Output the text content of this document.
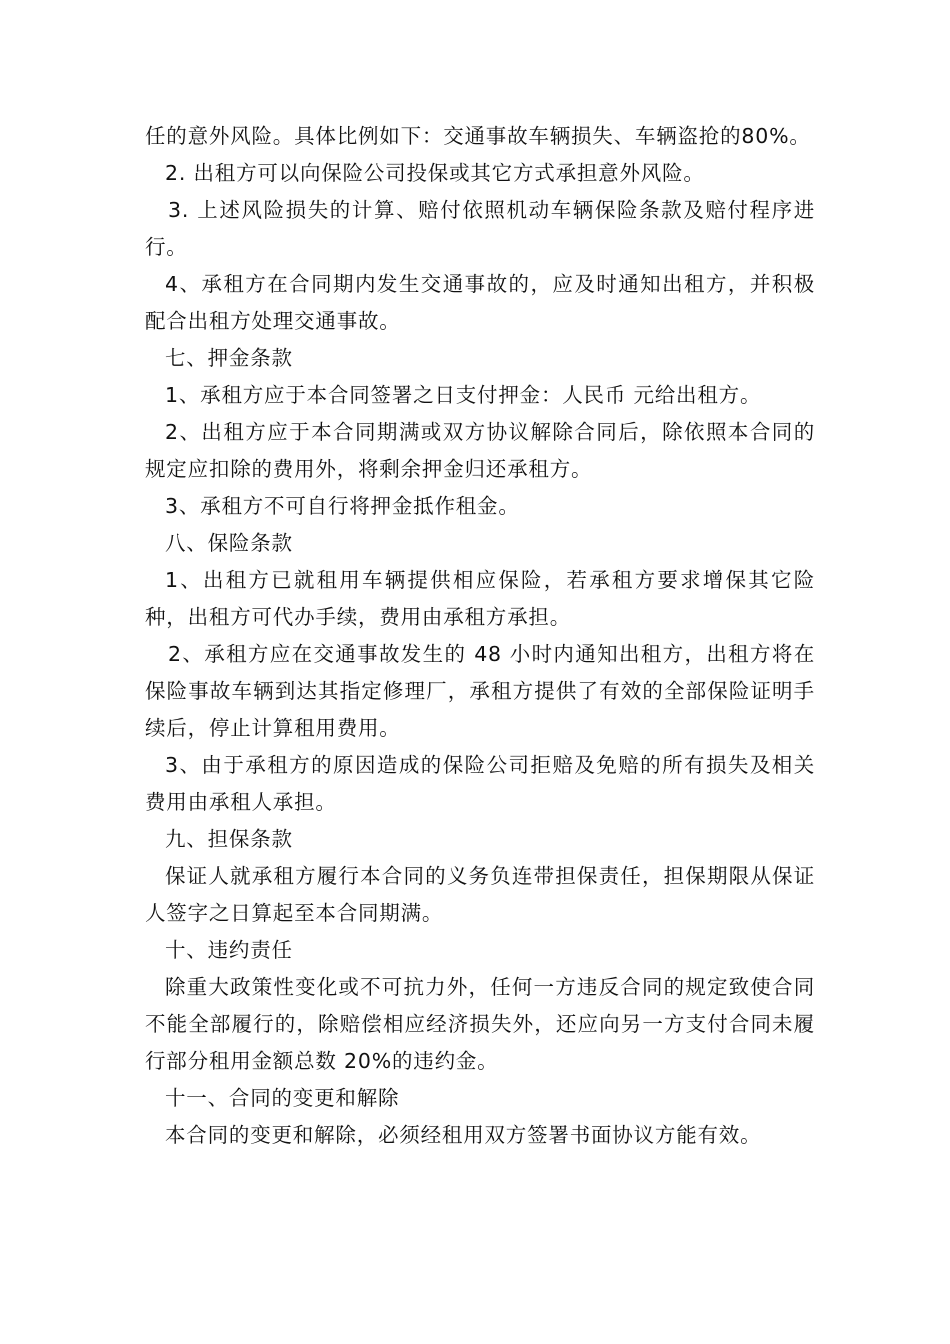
任的意外风险。具体比例如下：交通事故车辆损失、车辆盗抢的80%。

2. 出租方可以向保险公司投保或其它方式承担意外风险。

3. 上述风险损失的计算、赔付依照机动车辆保险条款及赔付程序进行。

4、承租方在合同期内发生交通事故的，应及时通知出租方，并积极配合出租方处理交通事故。

七、押金条款

1、承租方应于本合同签署之日支付押金：人民币 元给出租方。

2、出租方应于本合同期满或双方协议解除合同后，除依照本合同的规定应扣除的费用外，将剩余押金归还承租方。

3、承租方不可自行将押金抵作租金。

八、保险条款

1、出租方已就租用车辆提供相应保险，若承租方要求增保其它险种，出租方可代办手续，费用由承租方承担。

2、承租方应在交通事故发生的 48 小时内通知出租方，出租方将在保险事故车辆到达其指定修理厂，承租方提供了有效的全部保险证明手续后，停止计算租用费用。

3、由于承租方的原因造成的保险公司拒赔及免赔的所有损失及相关费用由承租人承担。

九、担保条款

保证人就承租方履行本合同的义务负连带担保责任，担保期限从保证人签字之日算起至本合同期满。

十、违约责任

除重大政策性变化或不可抗力外，任何一方违反合同的规定致使合同不能全部履行的，除赔偿相应经济损失外，还应向另一方支付合同未履行部分租用金额总数 20%的违约金。

十一、合同的变更和解除

本合同的变更和解除，必须经租用双方签署书面协议方能有效。
